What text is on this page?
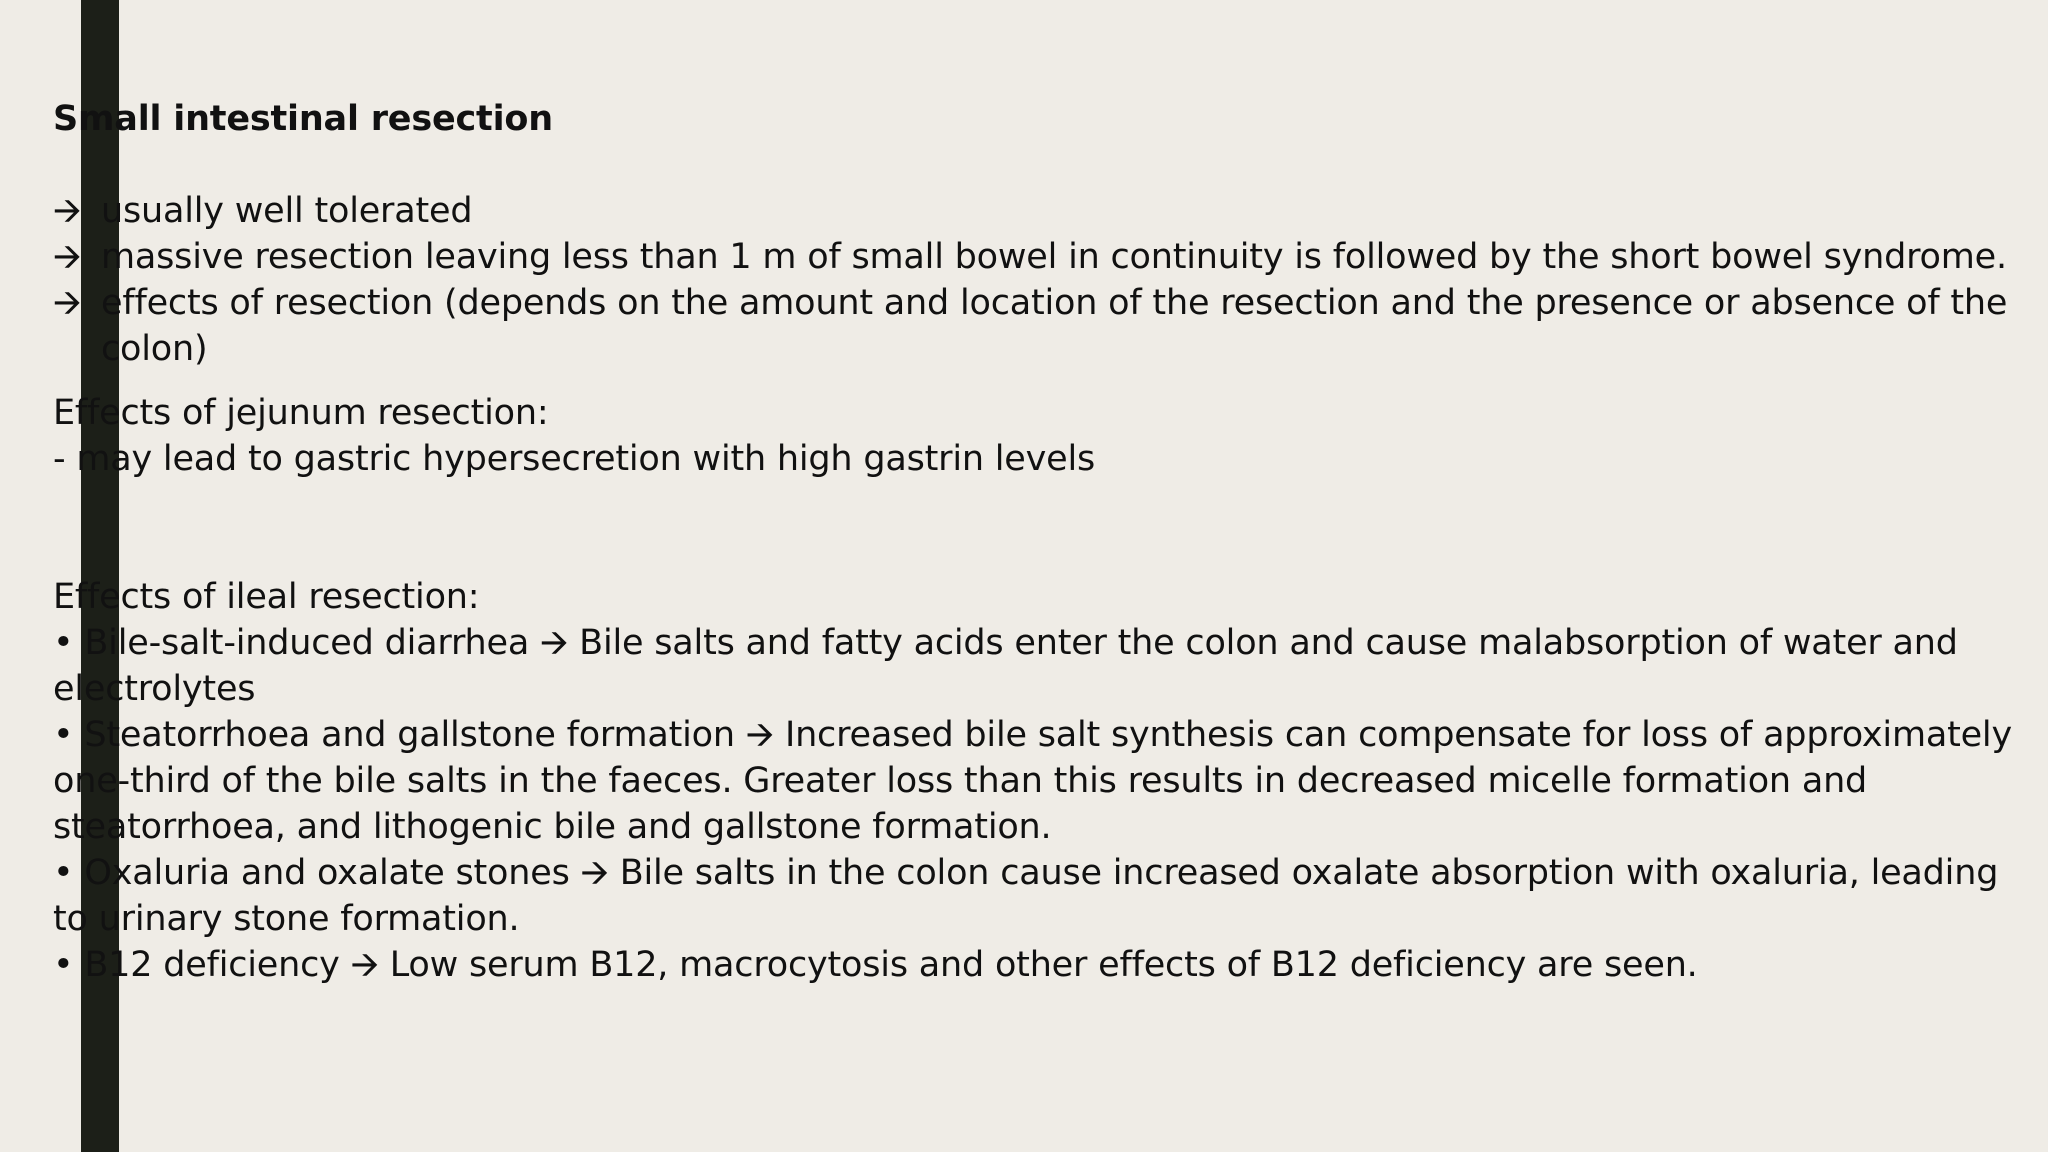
Small intestinal resection
🡪 usually well tolerated
🡪 massive resection leaving less than 1 m of small bowel in continuity is followed by the short bowel syndrome.
🡪 effects of resection (depends on the amount and location of the resection and the presence or absence of the colon)
Effects of jejunum resection:
- may lead to gastric hypersecretion with high gastrin levels
Effects of ileal resection:
• Bile-salt-induced diarrhea 🡪 Bile salts and fatty acids enter the colon and cause malabsorption of water and electrolytes
• Steatorrhoea and gallstone formation 🡪 Increased bile salt synthesis can compensate for loss of approximately one-third of the bile salts in the faeces. Greater loss than this results in decreased micelle formation and steatorrhoea, and lithogenic bile and gallstone formation.
• Oxaluria and oxalate stones 🡪 Bile salts in the colon cause increased oxalate absorption with oxaluria, leading to urinary stone formation.
• B12 deficiency 🡪 Low serum B12, macrocytosis and other effects of B12 deficiency are seen.
